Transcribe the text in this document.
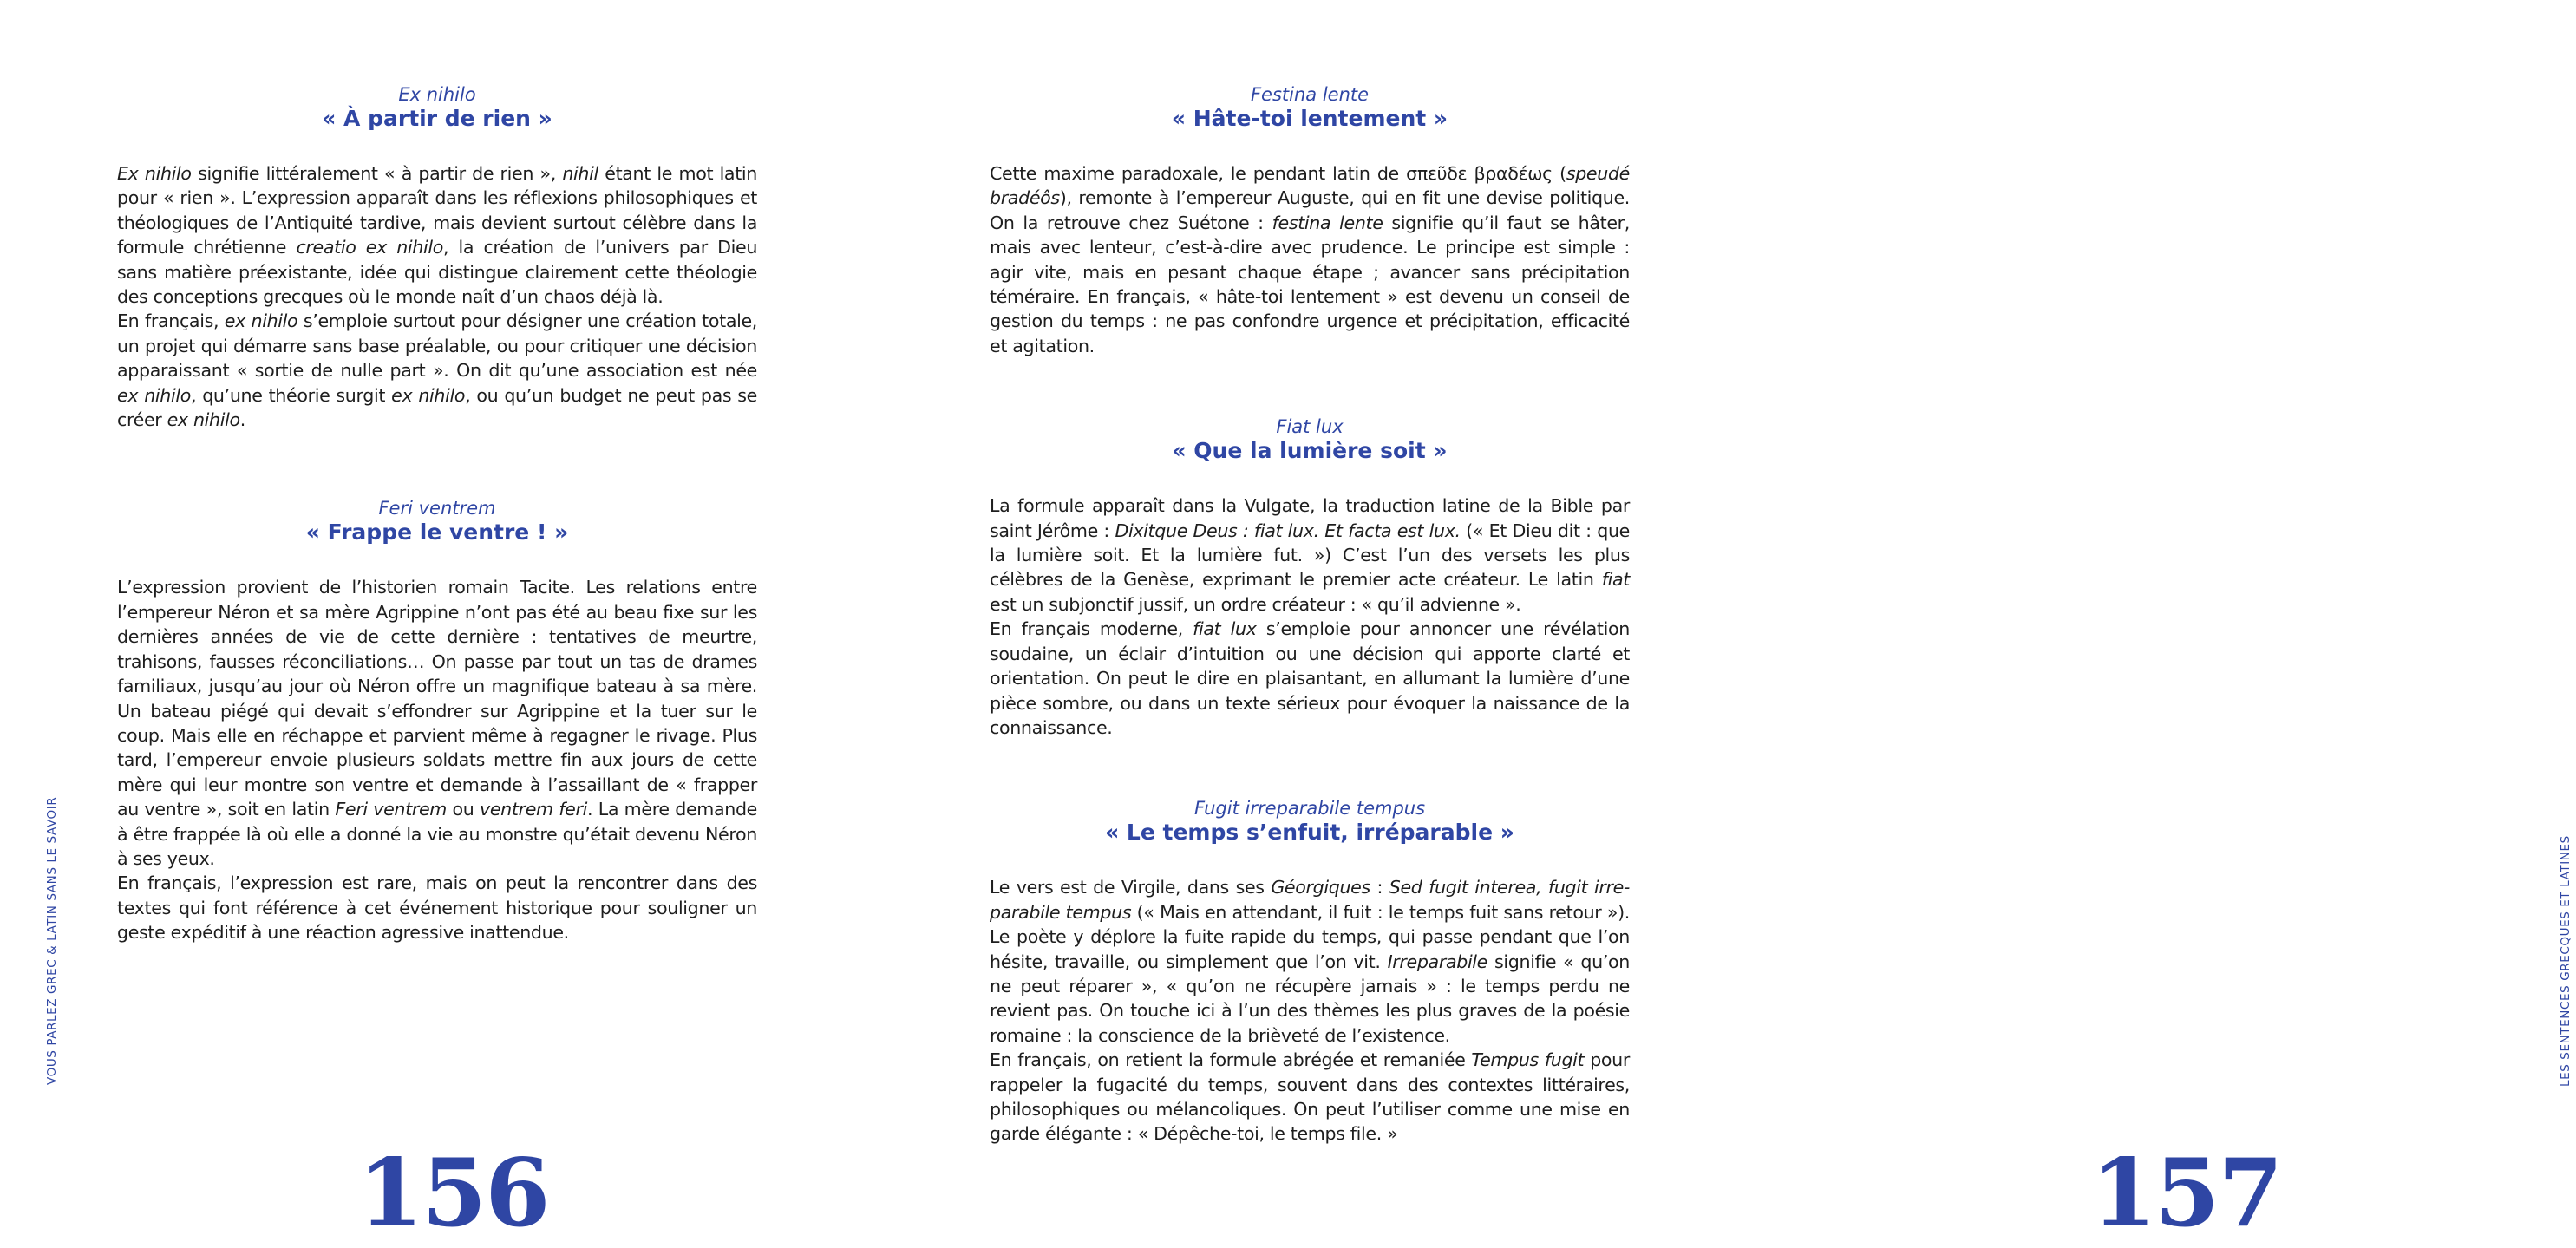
Ex nihilo
« À partir de rien »

Ex nihilo signifie littéralement « à partir de rien », nihil étant le mot latin pour « rien ». L’expression apparaît dans les réflexions philosophiques et théologiques de l’Antiquité tardive, mais devient surtout célèbre dans la formule chrétienne creatio ex nihilo, la création de l’univers par Dieu sans matière préexistante, idée qui distingue clairement cette théologie des conceptions grecques où le monde naît d’un chaos déjà là.

En français, ex nihilo s’emploie surtout pour désigner une création totale, un projet qui démarre sans base préalable, ou pour critiquer une décision apparaissant « sortie de nulle part ». On dit qu’une association est née ex nihilo, qu’une théorie surgit ex nihilo, ou qu’un budget ne peut pas se créer ex nihilo.

Feri ventrem
« Frappe le ventre ! »

L’expression provient de l’historien romain Tacite. Les relations entre l’empereur Néron et sa mère Agrippine n’ont pas été au beau fixe sur les dernières années de vie de cette dernière : tentatives de meurtre, trahisons, fausses réconciliations… On passe par tout un tas de drames familiaux, jusqu’au jour où Néron offre un magnifique bateau à sa mère. Un bateau piégé qui devait s’effondrer sur Agrippine et la tuer sur le coup. Mais elle en réchappe et parvient même à regagner le rivage. Plus tard, l’empereur envoie plusieurs soldats mettre fin aux jours de cette mère qui leur montre son ventre et demande à l’assaillant de « frapper au ventre », soit en latin Feri ventrem ou ventrem feri. La mère demande à être frappée là où elle a donné la vie au monstre qu’était devenu Néron à ses yeux.

En français, l’expression est rare, mais on peut la rencontrer dans des textes qui font référence à cet événement historique pour souligner un geste expéditif à une réaction agressive inattendue.

VOUS PARLEZ GREC & LATIN SANS LE SAVOIR
156
Festina lente
« Hâte-toi lentement »

Cette maxime paradoxale, le pendant latin de σπεῦδε βραδέως (speudé bradéôs), remonte à l’empereur Auguste, qui en fit une devise politique. On la retrouve chez Suétone : festina lente signifie qu’il faut se hâter, mais avec lenteur, c’est-à-dire avec prudence. Le principe est simple : agir vite, mais en pesant chaque étape ; avancer sans précipitation téméraire. En français, « hâte-toi lentement » est devenu un conseil de gestion du temps : ne pas confondre urgence et précipitation, efficacité et agitation.

Fiat lux
« Que la lumière soit »

La formule apparaît dans la Vulgate, la traduction latine de la Bible par saint Jérôme : Dixitque Deus : fiat lux. Et facta est lux. (« Et Dieu dit : que la lumière soit. Et la lumière fut. ») C’est l’un des versets les plus célèbres de la Genèse, exprimant le premier acte créateur. Le latin fiat est un subjonctif jussif, un ordre créateur : « qu’il advienne ».

En français moderne, fiat lux s’emploie pour annoncer une révélation soudaine, un éclair d’intuition ou une décision qui apporte clarté et orientation. On peut le dire en plaisantant, en allumant la lumière d’une pièce sombre, ou dans un texte sérieux pour évoquer la naissance de la connaissance.

Fugit irreparabile tempus
« Le temps s’enfuit, irréparable »

Le vers est de Virgile, dans ses Géorgiques : Sed fugit interea, fugit irre-parabile tempus (« Mais en attendant, il fuit : le temps fuit sans retour »). Le poète y déplore la fuite rapide du temps, qui passe pendant que l’on hésite, travaille, ou simplement que l’on vit. Irreparabile signifie « qu’on ne peut réparer », « qu’on ne récupère jamais » : le temps perdu ne revient pas. On touche ici à l’un des thèmes les plus graves de la poésie romaine : la conscience de la brièveté de l’existence.

En français, on retient la formule abrégée et remaniée Tempus fugit pour rappeler la fugacité du temps, souvent dans des contextes littéraires, philosophiques ou mélancoliques. On peut l’utiliser comme une mise en garde élégante : « Dépêche-toi, le temps file. »

LES SENTENCES GRECQUES ET LATINES
157
